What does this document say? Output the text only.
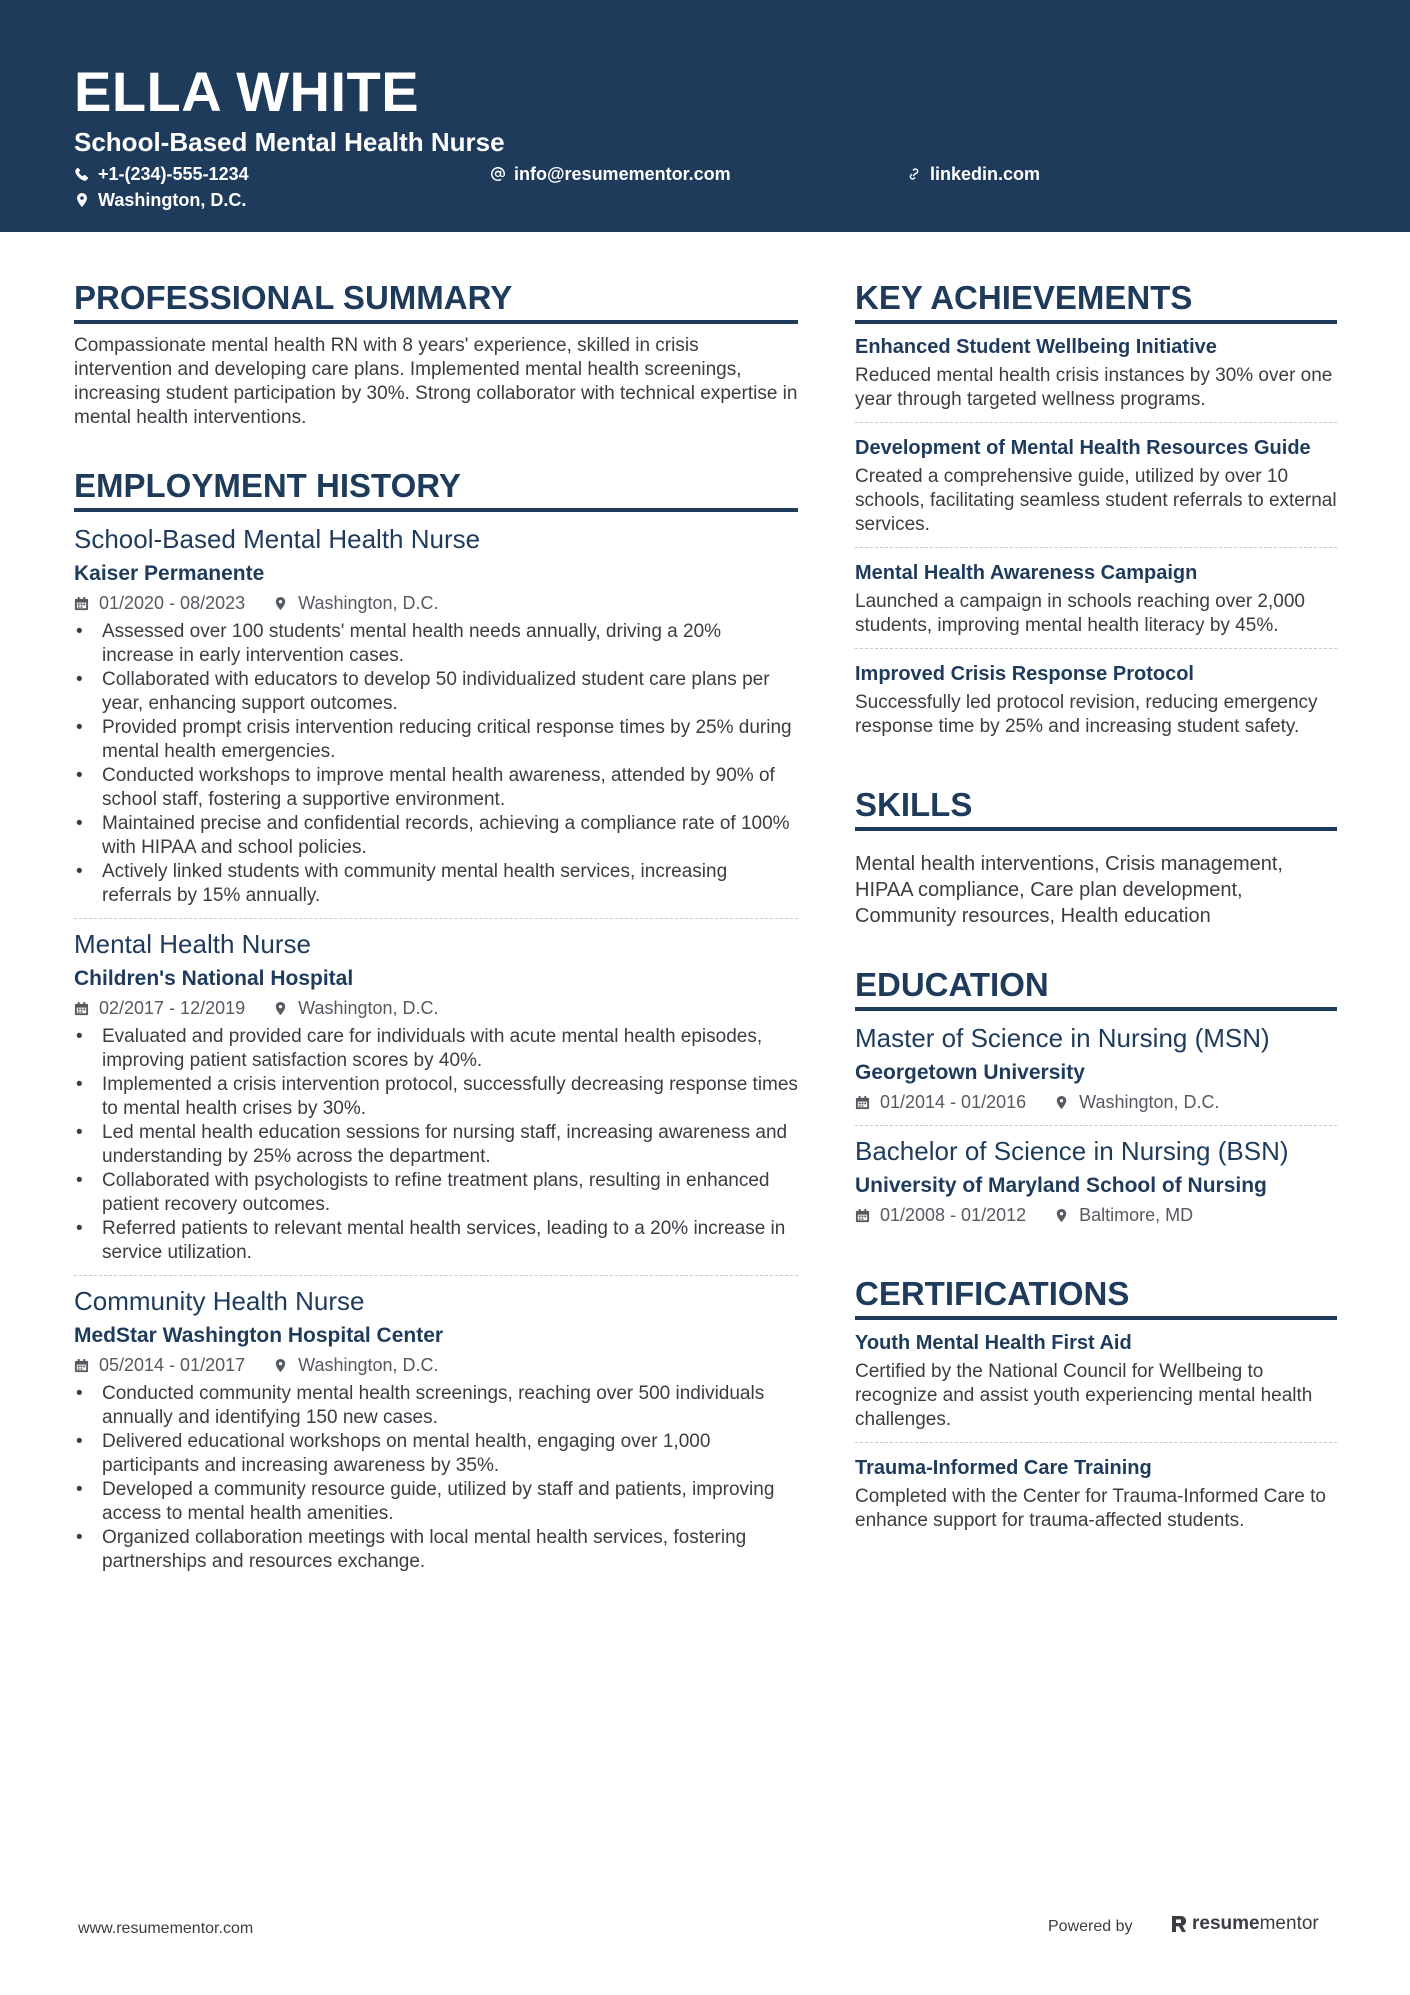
ELLA WHITE
School-Based Mental Health Nurse
+1-(234)-555-1234	info@resumementor.com	linkedin.com
Washington, D.C.
PROFESSIONAL SUMMARY
Compassionate mental health RN with 8 years' experience, skilled in crisis intervention and developing care plans. Implemented mental health screenings, increasing student participation by 30%. Strong collaborator with technical expertise in mental health interventions.
EMPLOYMENT HISTORY
School-Based Mental Health Nurse
Kaiser Permanente
01/2020 - 08/2023	Washington, D.C.
• Assessed over 100 students' mental health needs annually, driving a 20% increase in early intervention cases.
• Collaborated with educators to develop 50 individualized student care plans per year, enhancing support outcomes.
• Provided prompt crisis intervention reducing critical response times by 25% during mental health emergencies.
• Conducted workshops to improve mental health awareness, attended by 90% of school staff, fostering a supportive environment.
• Maintained precise and confidential records, achieving a compliance rate of 100% with HIPAA and school policies.
• Actively linked students with community mental health services, increasing referrals by 15% annually.
Mental Health Nurse
Children's National Hospital
02/2017 - 12/2019	Washington, D.C.
• Evaluated and provided care for individuals with acute mental health episodes, improving patient satisfaction scores by 40%.
• Implemented a crisis intervention protocol, successfully decreasing response times to mental health crises by 30%.
• Led mental health education sessions for nursing staff, increasing awareness and understanding by 25% across the department.
• Collaborated with psychologists to refine treatment plans, resulting in enhanced patient recovery outcomes.
• Referred patients to relevant mental health services, leading to a 20% increase in service utilization.
Community Health Nurse
MedStar Washington Hospital Center
05/2014 - 01/2017	Washington, D.C.
• Conducted community mental health screenings, reaching over 500 individuals annually and identifying 150 new cases.
• Delivered educational workshops on mental health, engaging over 1,000 participants and increasing awareness by 35%.
• Developed a community resource guide, utilized by staff and patients, improving access to mental health amenities.
• Organized collaboration meetings with local mental health services, fostering partnerships and resources exchange.
KEY ACHIEVEMENTS
Enhanced Student Wellbeing Initiative
Reduced mental health crisis instances by 30% over one year through targeted wellness programs.
Development of Mental Health Resources Guide
Created a comprehensive guide, utilized by over 10 schools, facilitating seamless student referrals to external services.
Mental Health Awareness Campaign
Launched a campaign in schools reaching over 2,000 students, improving mental health literacy by 45%.
Improved Crisis Response Protocol
Successfully led protocol revision, reducing emergency response time by 25% and increasing student safety.
SKILLS
Mental health interventions, Crisis management, HIPAA compliance, Care plan development, Community resources, Health education
EDUCATION
Master of Science in Nursing (MSN)
Georgetown University
01/2014 - 01/2016	Washington, D.C.
Bachelor of Science in Nursing (BSN)
University of Maryland School of Nursing
01/2008 - 01/2012	Baltimore, MD
CERTIFICATIONS
Youth Mental Health First Aid
Certified by the National Council for Wellbeing to recognize and assist youth experiencing mental health challenges.
Trauma-Informed Care Training
Completed with the Center for Trauma-Informed Care to enhance support for trauma-affected students.
www.resumementor.com	Powered by	resume mentor
